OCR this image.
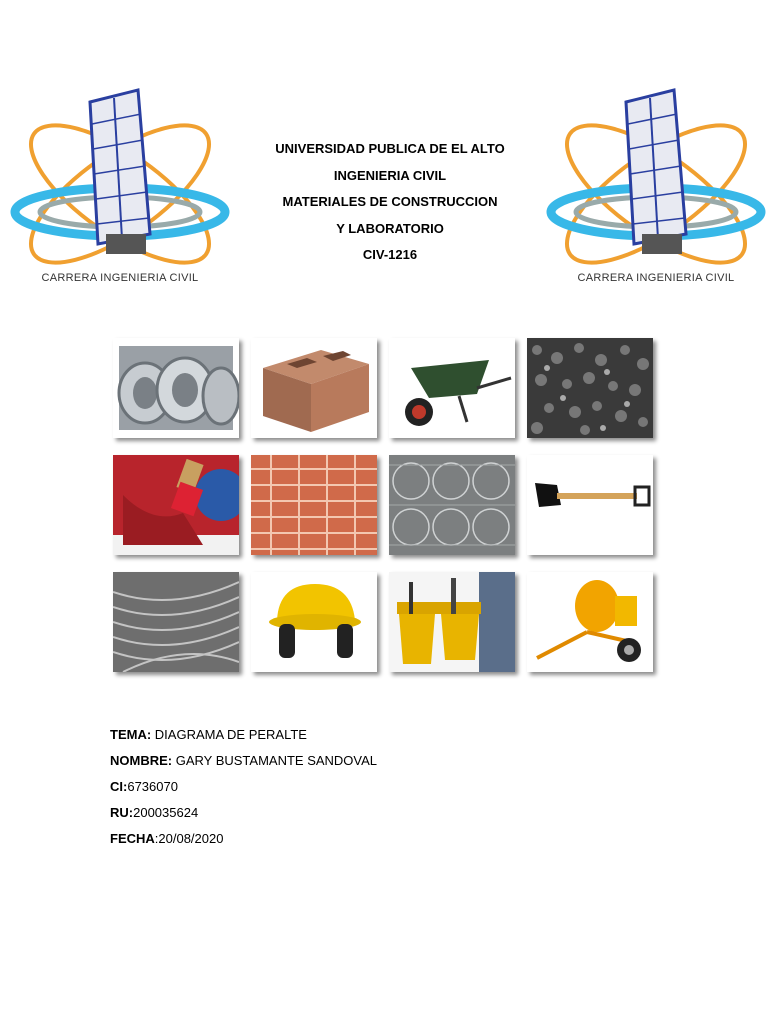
CARRERA INGENIERIA CIVIL	CARRERA INGENIERIA CIVIL
UNIVERSIDAD PUBLICA DE EL ALTO
INGENIERIA CIVIL
MATERIALES DE CONSTRUCCION
Y LABORATORIO
CIV-1216
TEMA: DIAGRAMA DE PERALTE
NOMBRE: GARY BUSTAMANTE SANDOVAL
CI:6736070
RU:200035624
FECHA:20/08/2020
